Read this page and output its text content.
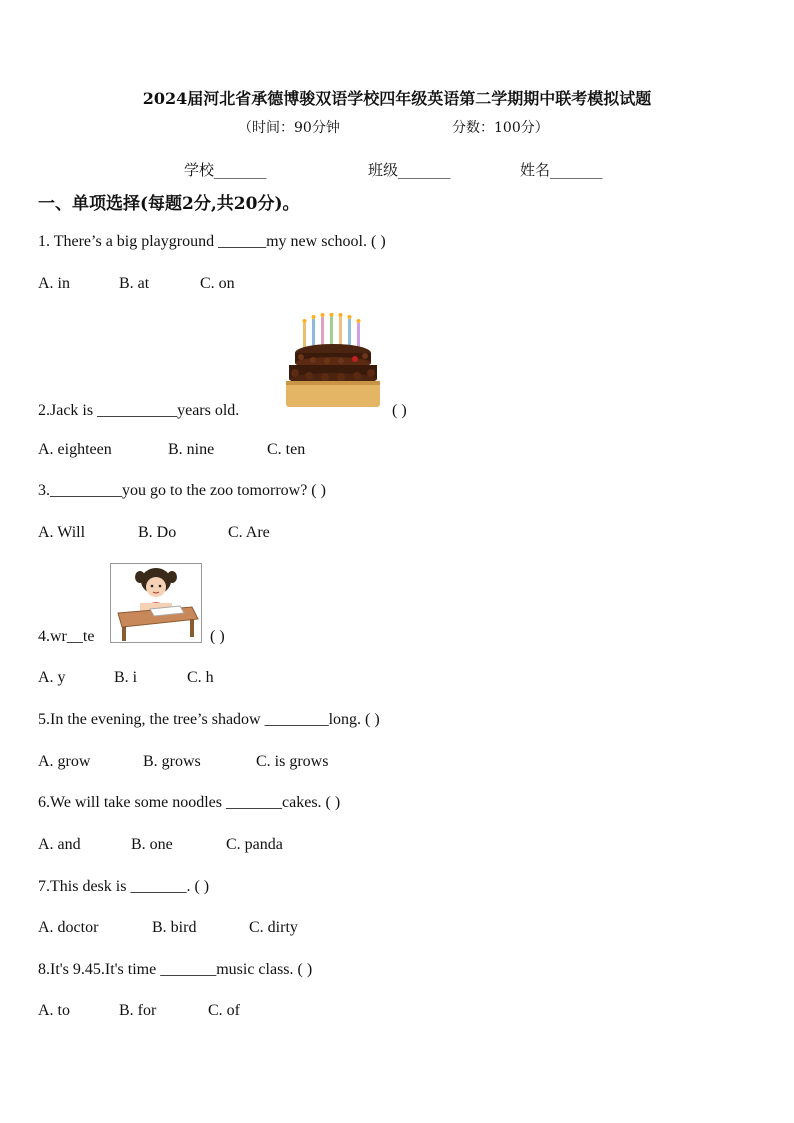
2024届河北省承德博骏双语学校四年级英语第二学期期中联考模拟试题
（时间：90分钟	分数：100分）
学校_______	班级_______	姓名_______
一、单项选择(每题2分,共20分)。
1. There’s a big playground ______my new school. ( )
A. in	B. at	C. on
2.Jack is __________years old.	( )
A. eighteen	B. nine	C. ten
3._________you go to the zoo tomorrow? ( )
A. Will	B. Do	C. Are
4.wr__te	( )
A. y	B. i	C. h
5.In the evening, the tree’s shadow ________long. ( )
A. grow	B. grows	C. is grows
6.We will take some noodles _______cakes. ( )
A. and	B. one	C. panda
7.This desk is _______. ( )
A. doctor	B. bird	C. dirty
8.It's 9.45.It's time _______music class. ( )
A. to	B. for	C. of
